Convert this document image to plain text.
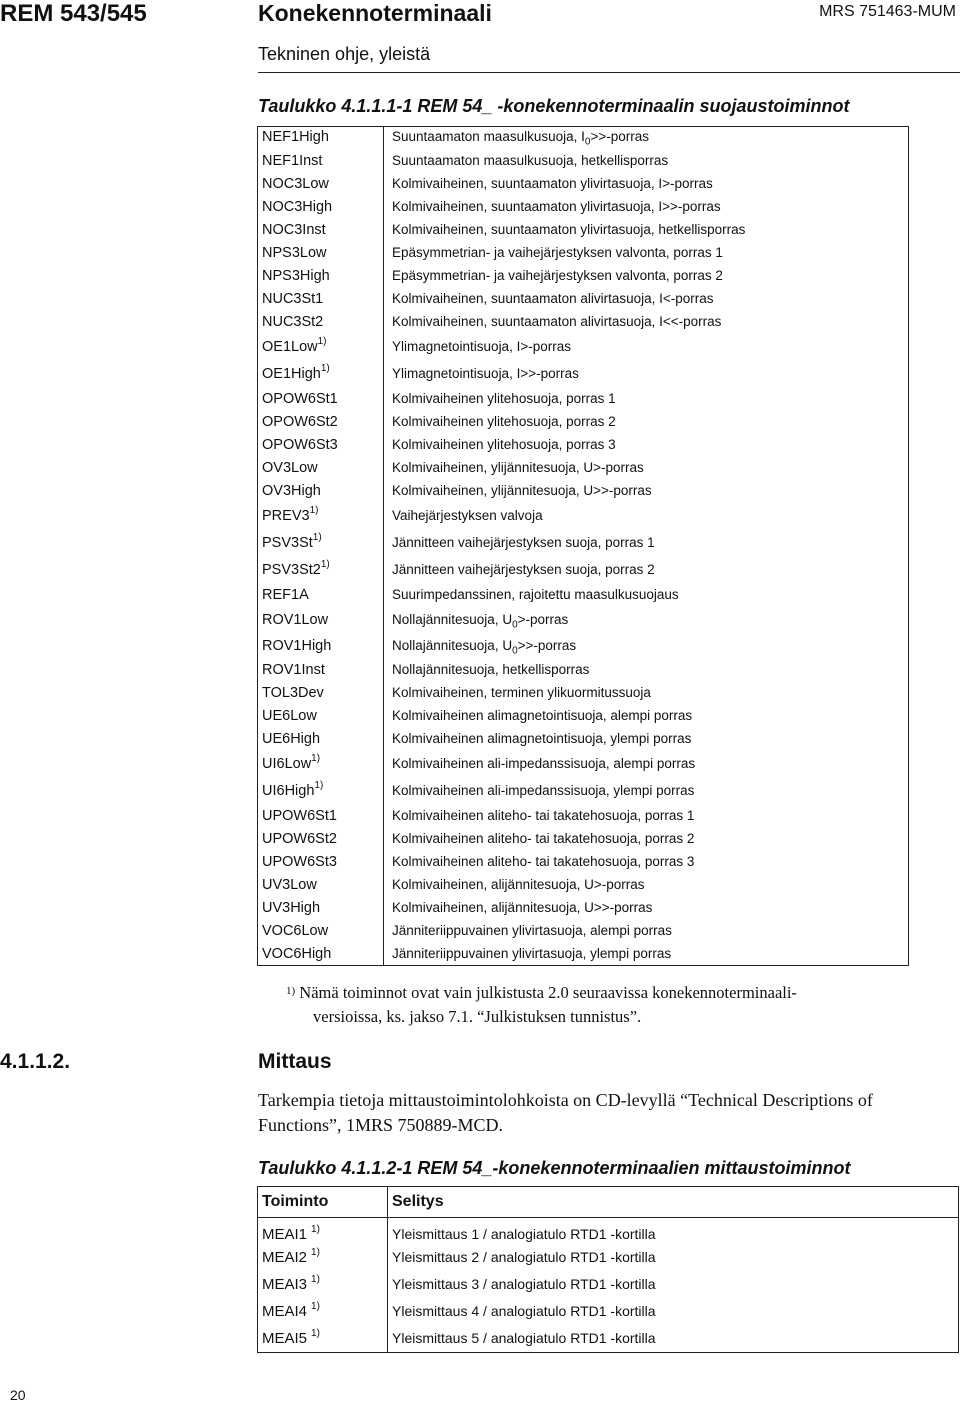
REM 543/545	Konekennoterminaali	MRS 751463-MUM
Tekninen ohje, yleistä
Taulukko 4.1.1.1-1 REM 54_ -konekennoterminaalin suojaustoiminnot
NEF1High	Suuntaamaton maasulkusuoja, $I_0>>$-porras
NEF1Inst	Suuntaamaton maasulkusuoja, hetkellisporras
NOC3Low	Kolmivaiheinen, suuntaamaton ylivirtasuoja, I>-porras
NOC3High	Kolmivaiheinen, suuntaamaton ylivirtasuoja, I>>-porras
NOC3Inst	Kolmivaiheinen, suuntaamaton ylivirtasuoja, hetkellisporras
NPS3Low	Epäsymmetrian- ja vaihejärjestyksen valvonta, porras 1
NPS3High	Epäsymmetrian- ja vaihejärjestyksen valvonta, porras 2
NUC3St1	Kolmivaiheinen, suuntaamaton alivirtasuoja, I<-porras
NUC3St2	Kolmivaiheinen, suuntaamaton alivirtasuoja, I<<-porras
OE1Low$^{1)}$	Ylimagnetointisuoja, I>-porras
OE1High$^{1)}$	Ylimagnetointisuoja, I>>-porras
OPOW6St1	Kolmivaiheinen ylitehosuoja, porras 1
OPOW6St2	Kolmivaiheinen ylitehosuoja, porras 2
OPOW6St3	Kolmivaiheinen ylitehosuoja, porras 3
OV3Low	Kolmivaiheinen, ylijännitesuoja, U>-porras
OV3High	Kolmivaiheinen, ylijännitesuoja, U>>-porras
PREV3$^{1)}$	Vaihejärjestyksen valvoja
PSV3St$^{1)}$	Jännitteen vaihejärjestyksen suoja, porras 1
PSV3St2$^{1)}$	Jännitteen vaihejärjestyksen suoja, porras 2
REF1A	Suurimpedanssinen, rajoitettu maasulkusuojaus
ROV1Low	Nollajännitesuoja, $U_0>$-porras
ROV1High	Nollajännitesuoja, $U_0>>$-porras
ROV1Inst	Nollajännitesuoja, hetkellisporras
TOL3Dev	Kolmivaiheinen, terminen ylikuormitussuoja
UE6Low	Kolmivaiheinen alimagnetointisuoja, alempi porras
UE6High	Kolmivaiheinen alimagnetointisuoja, ylempi porras
UI6Low$^{1)}$	Kolmivaiheinen ali-impedanssisuoja, alempi porras
UI6High$^{1)}$	Kolmivaiheinen ali-impedanssisuoja, ylempi porras
UPOW6St1	Kolmivaiheinen aliteho- tai takatehosuoja, porras 1
UPOW6St2	Kolmivaiheinen aliteho- tai takatehosuoja, porras 2
UPOW6St3	Kolmivaiheinen aliteho- tai takatehosuoja, porras 3
UV3Low	Kolmivaiheinen, alijännitesuoja, U>-porras
UV3High	Kolmivaiheinen, alijännitesuoja, U>>-porras
VOC6Low	Jänniteriippuvainen ylivirtasuoja, alempi porras
VOC6High	Jänniteriippuvainen ylivirtasuoja, ylempi porras
$^{1)}$ Nämä toiminnot ovat vain julkistusta 2.0 seuraavissa konekennoterminaali-
versioissa, ks. jakso 7.1. “Julkistuksen tunnistus”.
4.1.1.2.	Mittaus
Tarkempia tietoja mittaustoimintolohkoista on CD-levyllä “Technical Descriptions of Functions”, 1MRS 750889-MCD.
Taulukko 4.1.1.2-1 REM 54_-konekennoterminaalien mittaustoiminnot
Toiminto	Selitys
MEAI1 $^{1)}$	Yleismittaus 1 / analogiatulo RTD1 -kortilla
MEAI2 $^{1)}$	Yleismittaus 2 / analogiatulo RTD1 -kortilla
MEAI3 $^{1)}$	Yleismittaus 3 / analogiatulo RTD1 -kortilla
MEAI4 $^{1)}$	Yleismittaus 4 / analogiatulo RTD1 -kortilla
MEAI5 $^{1)}$	Yleismittaus 5 / analogiatulo RTD1 -kortilla
20
